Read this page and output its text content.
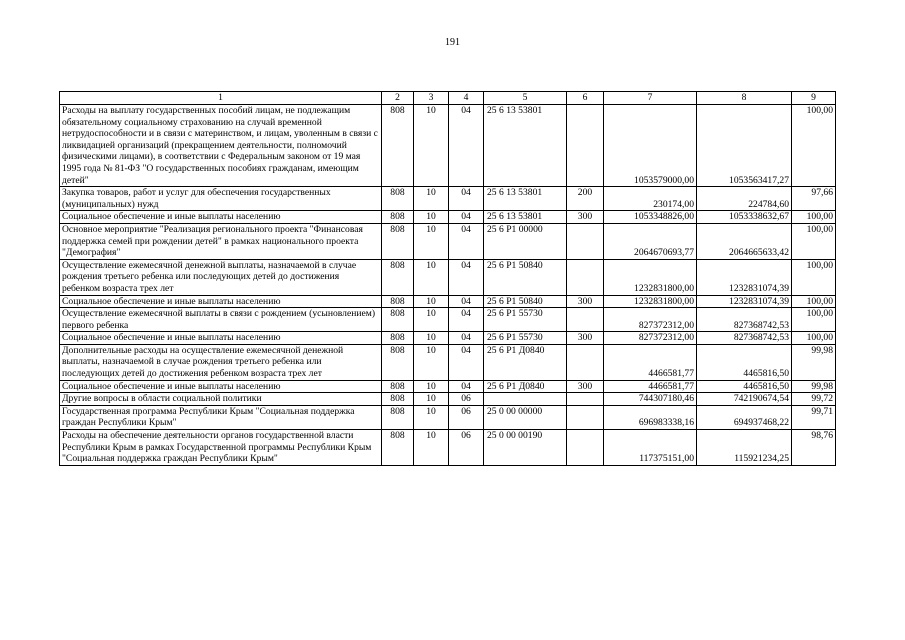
191
1	2	3	4	5	6	7	8	9
Расходы на выплату государственных пособий лицам, не подлежащим обязательному социальному страхованию на случай временной нетрудоспособности и в связи с материнством, и лицам, уволенным в связи с ликвидацией организаций (прекращением деятельности, полномочий физическими лицами), в соответствии с Федеральным законом от 19 мая 1995 года № 81-ФЗ "О государственных пособиях гражданам, имеющим детей"	808	10	04	25 6 13 53801		1053579000,00	1053563417,27	100,00
Закупка товаров, работ и услуг для обеспечения государственных (муниципальных) нужд	808	10	04	25 6 13 53801	200	230174,00	224784,60	97,66
Социальное обеспечение и иные выплаты населению	808	10	04	25 6 13 53801	300	1053348826,00	1053338632,67	100,00
Основное мероприятие "Реализация регионального проекта "Финансовая поддержка семей при рождении детей" в рамках национального проекта "Демография"	808	10	04	25 6 P1 00000		2064670693,77	2064665633,42	100,00
Осуществление ежемесячной денежной выплаты, назначаемой в случае рождения третьего ребенка или последующих детей до достижения ребенком возраста трех лет	808	10	04	25 6 P1 50840		1232831800,00	1232831074,39	100,00
Социальное обеспечение и иные выплаты населению	808	10	04	25 6 P1 50840	300	1232831800,00	1232831074,39	100,00
Осуществление ежемесячной выплаты в связи с рождением (усыновлением) первого ребенка	808	10	04	25 6 P1 55730		827372312,00	827368742,53	100,00
Социальное обеспечение и иные выплаты населению	808	10	04	25 6 P1 55730	300	827372312,00	827368742,53	100,00
Дополнительные расходы на осуществление ежемесячной денежной выплаты, назначаемой в случае рождения третьего ребенка или последующих детей до достижения ребенком возраста трех лет	808	10	04	25 6 P1 Д0840		4466581,77	4465816,50	99,98
Социальное обеспечение и иные выплаты населению	808	10	04	25 6 P1 Д0840	300	4466581,77	4465816,50	99,98
Другие вопросы в области социальной политики	808	10	06			744307180,46	742190674,54	99,72
Государственная программа Республики Крым "Социальная поддержка граждан Республики Крым"	808	10	06	25 0 00 00000		696983338,16	694937468,22	99,71
Расходы на обеспечение деятельности органов государственной власти Республики Крым в рамках Государственной программы Республики Крым "Социальная поддержка граждан Республики Крым"	808	10	06	25 0 00 00190		117375151,00	115921234,25	98,76
